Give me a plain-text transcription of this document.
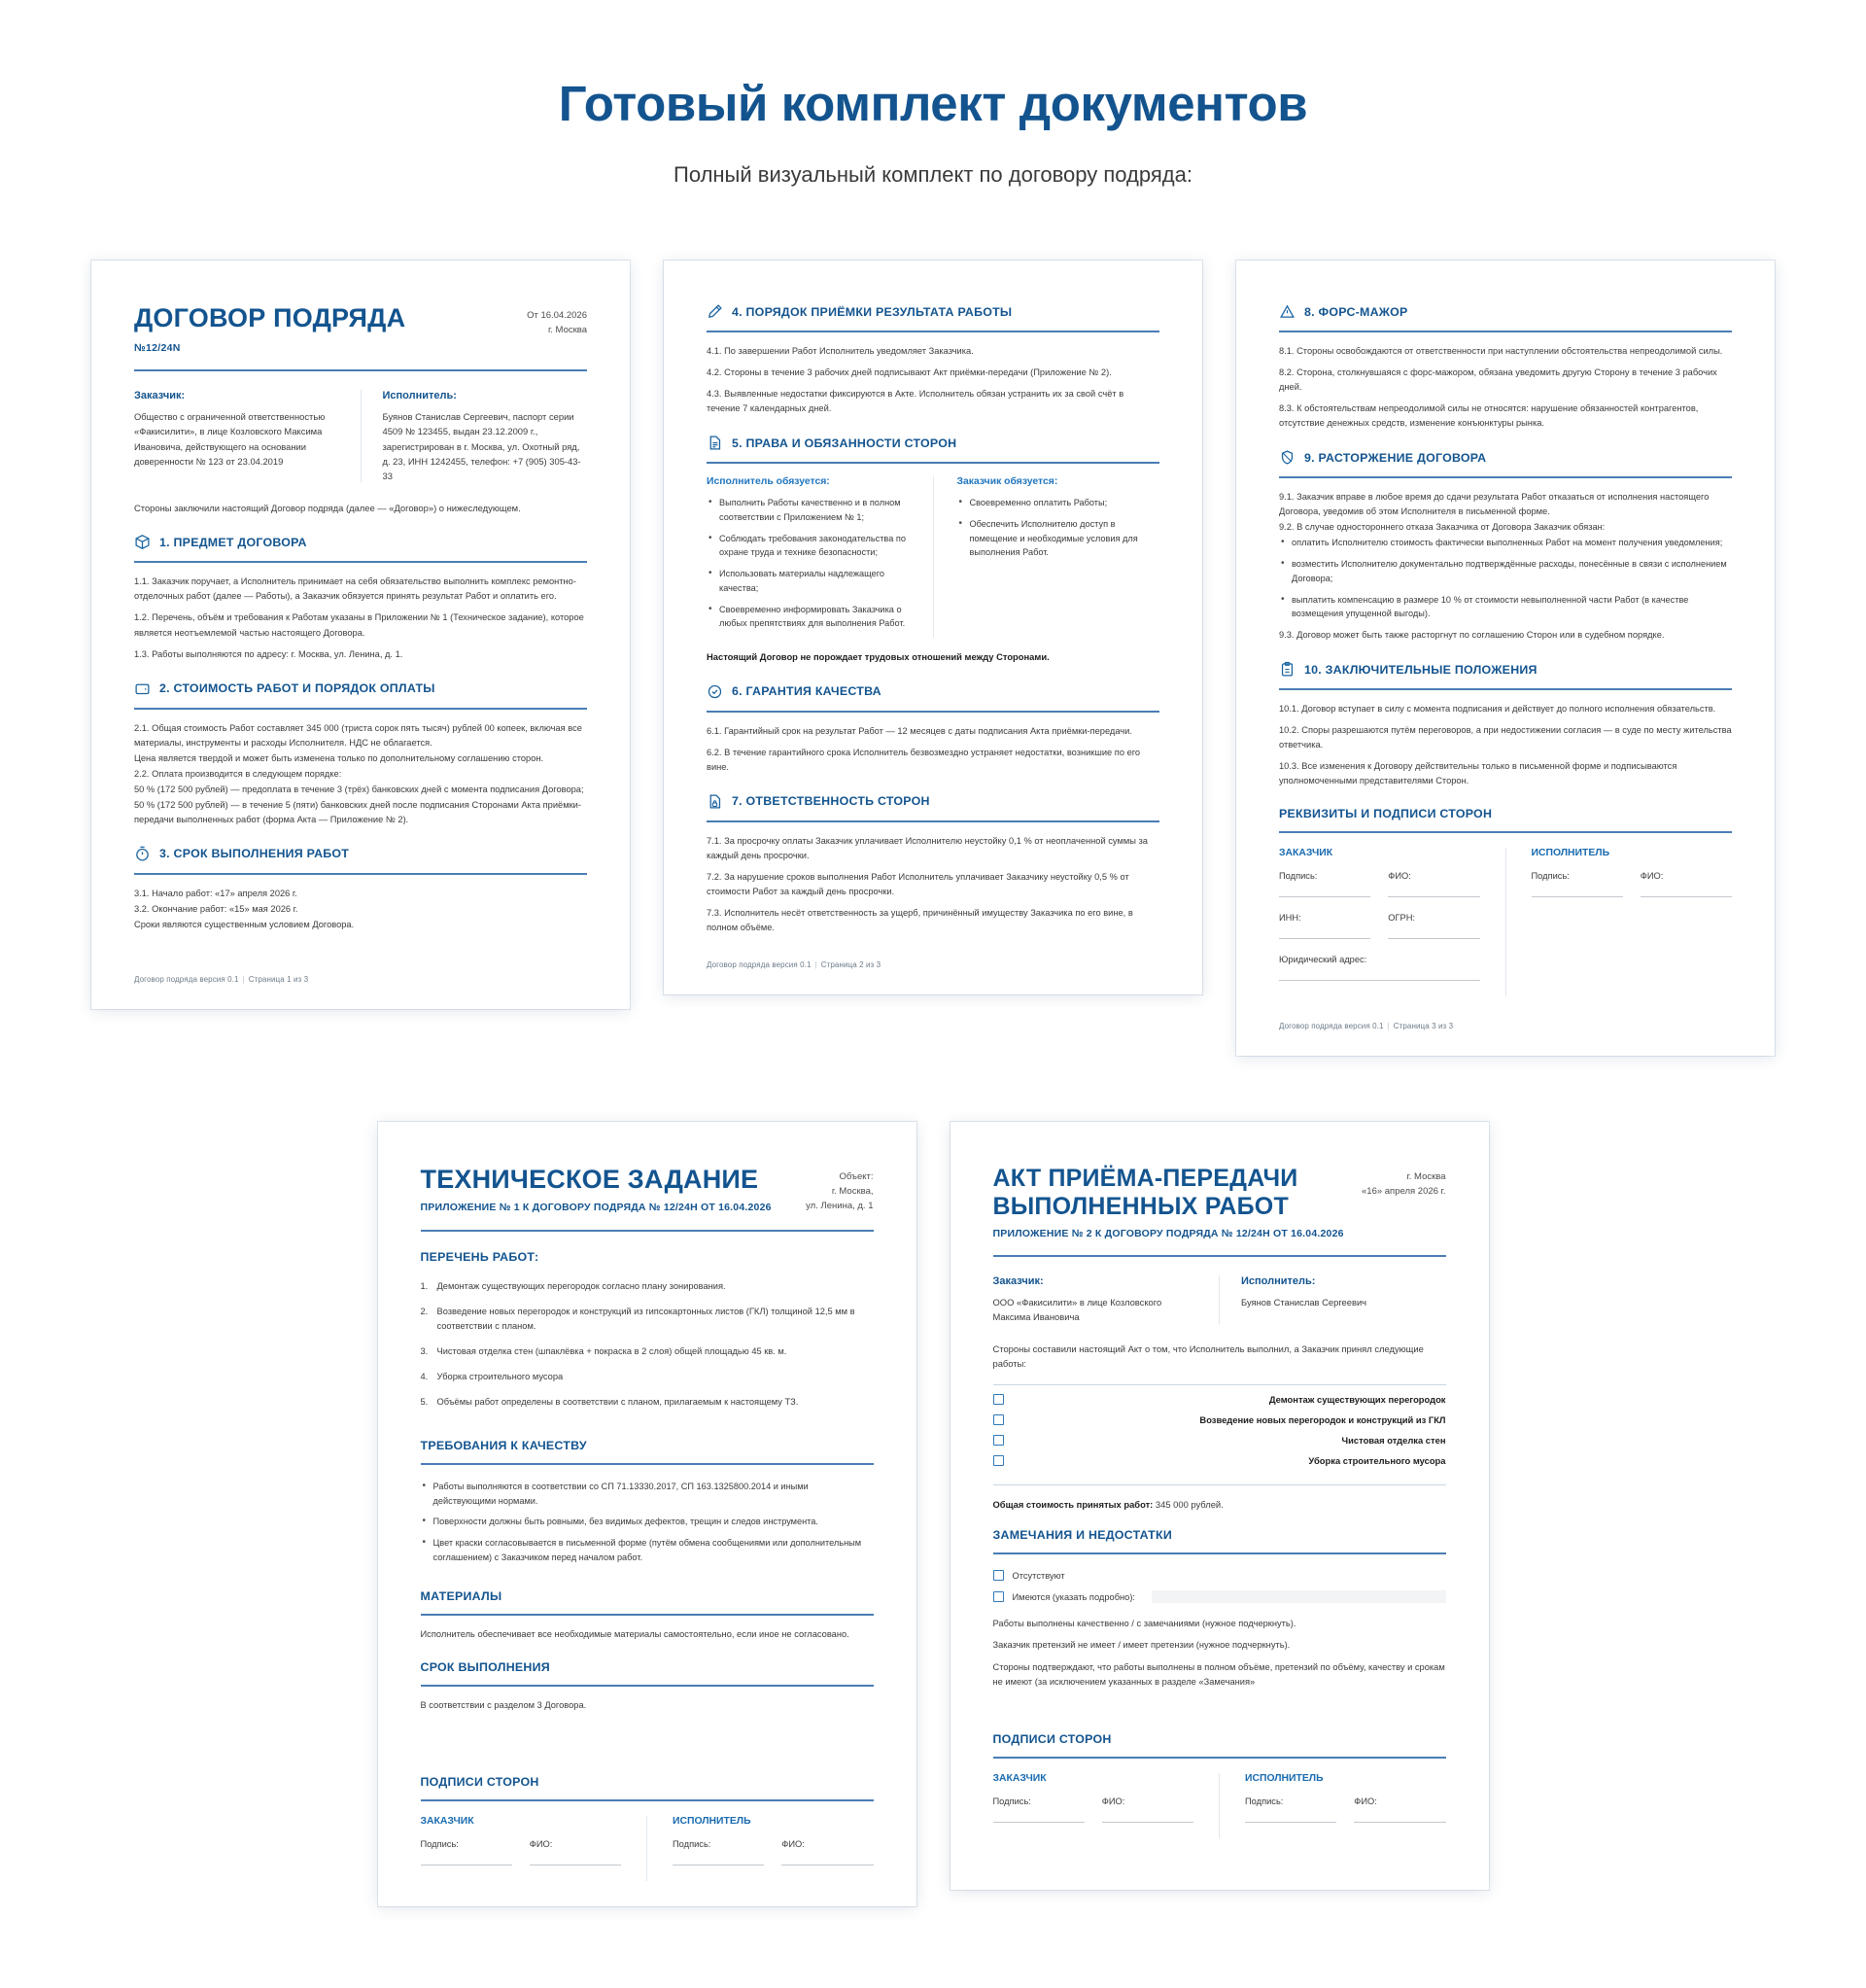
Готовый комплект документов
Полный визуальный комплект по договору подряда:
ДОГОВОР ПОДРЯДА
№12/24N
От 16.04.2026
г. Москва
Заказчик:

Общество с ограниченной ответственностью «Факисилити», в лице Козловского Максима Ивановича, действующего на основании доверенности № 123 от 23.04.2019

Исполнитель:

Буянов Станислав Сергеевич, паспорт серии 4509 № 123455, выдан 23.12.2009 г., зарегистрирован в г. Москва, ул. Охотный ряд, д. 23, ИНН 1242455, телефон: +7 (905) 305-43-33

Стороны заключили настоящий Договор подряда (далее — «Договор») о нижеследующем.
1. ПРЕДМЕТ ДОГОВОРА

1.1. Заказчик поручает, а Исполнитель принимает на себя обязательство выполнить комплекс ремонтно-отделочных работ (далее — Работы), а Заказчик обязуется принять результат Работ и оплатить его.

1.2. Перечень, объём и требования к Работам указаны в Приложении № 1 (Техническое задание), которое является неотъемлемой частью настоящего Договора.

1.3. Работы выполняются по адресу: г. Москва, ул. Ленина, д. 1.

2. СТОИМОСТЬ РАБОТ И ПОРЯДОК ОПЛАТЫ

2.1. Общая стоимость Работ составляет 345 000 (триста сорок пять тысяч) рублей 00 копеек, включая все материалы, инструменты и расходы Исполнителя. НДС не облагается.

Цена является твердой и может быть изменена только по дополнительному соглашению сторон.

2.2. Оплата производится в следующем порядке:

50 % (172 500 рублей) — предоплата в течение 3 (трёх) банковских дней с момента подписания Договора;

50 % (172 500 рублей) — в течение 5 (пяти) банковских дней после подписания Сторонами Акта приёмки-передачи выполненных работ (форма Акта — Приложение № 2).

3. СРОК ВЫПОЛНЕНИЯ РАБОТ

3.1. Начало работ: «17» апреля 2026 г.

3.2. Окончание работ: «15» мая 2026 г.

Сроки являются существенным условием Договора.

Договор подряда версия 0.1 | Страница 1 из 3
4. ПОРЯДОК ПРИЁМКИ РЕЗУЛЬТАТА РАБОТЫ

4.1. По завершении Работ Исполнитель уведомляет Заказчика.

4.2. Стороны в течение 3 рабочих дней подписывают Акт приёмки-передачи (Приложение № 2).

4.3. Выявленные недостатки фиксируются в Акте. Исполнитель обязан устранить их за свой счёт в течение 7 календарных дней.

5. ПРАВА И ОБЯЗАННОСТИ СТОРОН
Исполнитель обязуется:
• Выполнить Работы качественно и в полном соответствии с Приложением № 1;
• Соблюдать требования законодательства по охране труда и технике безопасности;
• Использовать материалы надлежащего качества;
• Своевременно информировать Заказчика о любых препятствиях для выполнения Работ.
Заказчик обязуется:
• Своевременно оплатить Работы;
• Обеспечить Исполнителю доступ в помещение и необходимые условия для выполнения Работ.
Настоящий Договор не порождает трудовых отношений между Сторонами.
6. ГАРАНТИЯ КАЧЕСТВА

6.1. Гарантийный срок на результат Работ — 12 месяцев с даты подписания Акта приёмки-передачи.

6.2. В течение гарантийного срока Исполнитель безвозмездно устраняет недостатки, возникшие по его вине.

7. ОТВЕТСТВЕННОСТЬ СТОРОН

7.1. За просрочку оплаты Заказчик уплачивает Исполнителю неустойку 0,1 % от неоплаченной суммы за каждый день просрочки.

7.2. За нарушение сроков выполнения Работ Исполнитель уплачивает Заказчику неустойку 0,5 % от стоимости Работ за каждый день просрочки.

7.3. Исполнитель несёт ответственность за ущерб, причинённый имуществу Заказчика по его вине, в полном объёме.

Договор подряда версия 0.1 | Страница 2 из 3
8. ФОРС-МАЖОР

8.1. Стороны освобождаются от ответственности при наступлении обстоятельства непреодолимой силы.

8.2. Сторона, столкнувшаяся с форс-мажором, обязана уведомить другую Сторону в течение 3 рабочих дней.

8.3. К обстоятельствам непреодолимой силы не относятся: нарушение обязанностей контрагентов, отсутствие денежных средств, изменение конъюнктуры рынка.

9. РАСТОРЖЕНИЕ ДОГОВОРА

9.1. Заказчик вправе в любое время до сдачи результата Работ отказаться от исполнения настоящего Договора, уведомив об этом Исполнителя в письменной форме.

9.2. В случае одностороннего отказа Заказчика от Договора Заказчик обязан:

• оплатить Исполнителю стоимость фактически выполненных Работ на момент получения уведомления;
• возместить Исполнителю документально подтверждённые расходы, понесённые в связи с исполнением Договора;
• выплатить компенсацию в размере 10 % от стоимости невыполненной части Работ (в качестве возмещения упущенной выгоды).

9.3. Договор может быть также расторгнут по соглашению Сторон или в судебном порядке.

10. ЗАКЛЮЧИТЕЛЬНЫЕ ПОЛОЖЕНИЯ

10.1. Договор вступает в силу с момента подписания и действует до полного исполнения обязательств.

10.2. Споры разрешаются путём переговоров, а при недостижении согласия — в суде по месту жительства ответчика.

10.3. Все изменения к Договору действительны только в письменной форме и подписываются уполномоченными представителями Сторон.

РЕКВИЗИТЫ И ПОДПИСИ СТОРОН
ЗАКАЗЧИК
Подпись:	ФИО:
ИНН:	ОГРН:
Юридический адрес:
ИСПОЛНИТЕЛЬ
Подпись:	ФИО:
Договор подряда версия 0.1 | Страница 3 из 3
ТЕХНИЧЕСКОЕ ЗАДАНИЕ
ПРИЛОЖЕНИЕ № 1 К ДОГОВОРУ ПОДРЯДА № 12/24Н ОТ 16.04.2026
Объект:
г. Москва,
ул. Ленина, д. 1
ПЕРЕЧЕНЬ РАБОТ:
Демонтаж существующих перегородок согласно плану зонирования.
Возведение новых перегородок и конструкций из гипсокартонных листов (ГКЛ) толщиной 12,5 мм в соответствии с планом.
Чистовая отделка стен (шпаклёвка + покраска в 2 слоя) общей площадью 45 кв. м.
Уборка строительного мусора
Объёмы работ определены в соответствии с планом, прилагаемым к настоящему ТЗ.
ТРЕБОВАНИЯ К КАЧЕСТВУ
• Работы выполняются в соответствии со СП 71.13330.2017, СП 163.1325800.2014 и иными действующими нормами.
• Поверхности должны быть ровными, без видимых дефектов, трещин и следов инструмента.
• Цвет краски согласовывается в письменной форме (путём обмена сообщениями или дополнительным соглашением) с Заказчиком перед началом работ.
МАТЕРИАЛЫ

Исполнитель обеспечивает все необходимые материалы самостоятельно, если иное не согласовано.

СРОК ВЫПОЛНЕНИЯ

В соответствии с разделом 3 Договора.

ПОДПИСИ СТОРОН
ЗАКАЗЧИК
Подпись:	ФИО:
ИСПОЛНИТЕЛЬ
Подпись:	ФИО:
АКТ ПРИЁМА-ПЕРЕДАЧИ
ВЫПОЛНЕННЫХ РАБОТ
ПРИЛОЖЕНИЕ № 2 К ДОГОВОРУ ПОДРЯДА № 12/24Н ОТ 16.04.2026
г. Москва
«16» апреля 2026 г.
Заказчик:

ООО «Факисилити» в лице Козловского Максима Ивановича

Исполнитель:

Буянов Станислав Сергеевич

Стороны составили настоящий Акт о том, что Исполнитель выполнил, а Заказчик принял следующие работы:
Демонтаж существующих перегородок
Возведение новых перегородок и конструкций из ГКЛ
Чистовая отделка стен
Уборка строительного мусора
Общая стоимость принятых работ: 345 000 рублей.
ЗАМЕЧАНИЯ И НЕДОСТАТКИ
Отсутствуют
Имеются (указать подробно):

Работы выполнены качественно / с замечаниями (нужное подчеркнуть).

Заказчик претензий не имеет / имеет претензии (нужное подчеркнуть).

Стороны подтверждают, что работы выполнены в полном объёме, претензий по объёму, качеству и срокам не имеют (за исключением указанных в разделе «Замечания»

ПОДПИСИ СТОРОН
ЗАКАЗЧИК
Подпись:	ФИО:
ИСПОЛНИТЕЛЬ
Подпись:	ФИО:
